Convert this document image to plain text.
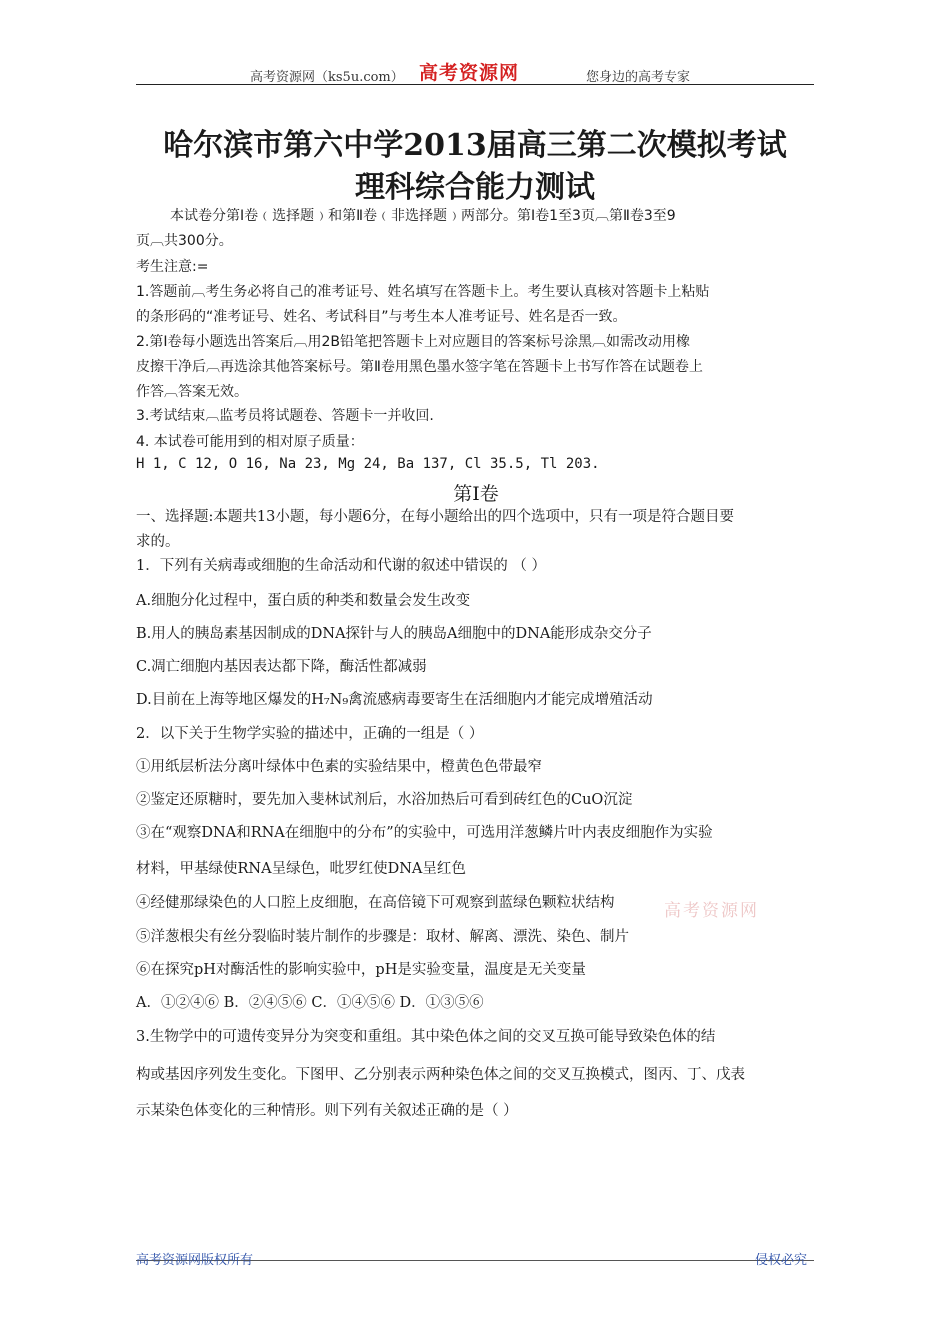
高考资源网（ks5u.com） 高考资源网	您身边的高考专家
哈尔滨市第六中学2013届高三第二次模拟考试
理科综合能力测试
本试卷分第Ⅰ卷﹙选择题﹚和第Ⅱ卷﹙非选择题﹚两部分。第Ⅰ卷1至3页︹第Ⅱ卷3至9
页︹共300分。
考生注意:=
1.答题前︹考生务必将自己的准考证号、姓名填写在答题卡上。考生要认真核对答题卡上粘贴
的条形码的“准考证号、姓名、考试科目”与考生本人准考证号、姓名是否一致。
2.第Ⅰ卷每小题选出答案后︹用2B铅笔把答题卡上对应题目的答案标号涂黑︹如需改动用橡
皮擦干净后︹再选涂其他答案标号。第Ⅱ卷用黑色墨水签字笔在答题卡上书写作答在试题卷上
作答︹答案无效。
3.考试结束︹监考员将试题卷、答题卡一并收回.
4. 本试卷可能用到的相对原子质量：
H 1, C 12, O 16, Na 23, Mg 24, Ba 137, Cl 35.5, Tl 203.
第Ⅰ卷
一、选择题:本题共13小题，每小题6分，在每小题给出的四个选项中，只有一项是符合题目要
求的。
1．下列有关病毒或细胞的生命活动和代谢的叙述中错误的 （ ）
A.细胞分化过程中，蛋白质的种类和数量会发生改变
B.用人的胰岛素基因制成的DNA探针与人的胰岛A细胞中的DNA能形成杂交分子
C.凋亡细胞内基因表达都下降，酶活性都减弱
D.目前在上海等地区爆发的H₇N₉禽流感病毒要寄生在活细胞内才能完成增殖活动
2．以下关于生物学实验的描述中，正确的一组是（ ）
①用纸层析法分离叶绿体中色素的实验结果中，橙黄色色带最窄
②鉴定还原糖时，要先加入斐林试剂后，水浴加热后可看到砖红色的CuO沉淀
③在“观察DNA和RNA在细胞中的分布”的实验中，可选用洋葱鳞片叶内表皮细胞作为实验
材料，甲基绿使RNA呈绿色，吡罗红使DNA呈红色
④经健那绿染色的人口腔上皮细胞，在高倍镜下可观察到蓝绿色颗粒状结构	高考资源网
⑤洋葱根尖有丝分裂临时装片制作的步骤是：取材、解离、漂洗、染色、制片
⑥在探究pH对酶活性的影响实验中，pH是实验变量，温度是无关变量
A．①②④⑥ B．②④⑤⑥ C．①④⑤⑥ D．①③⑤⑥
3.生物学中的可遗传变异分为突变和重组。其中染色体之间的交叉互换可能导致染色体的结
构或基因序列发生变化。下图甲、乙分别表示两种染色体之间的交叉互换模式，图丙、丁、戊表
示某染色体变化的三种情形。则下列有关叙述正确的是（ ）
高考资源网版权所有	侵权必究
